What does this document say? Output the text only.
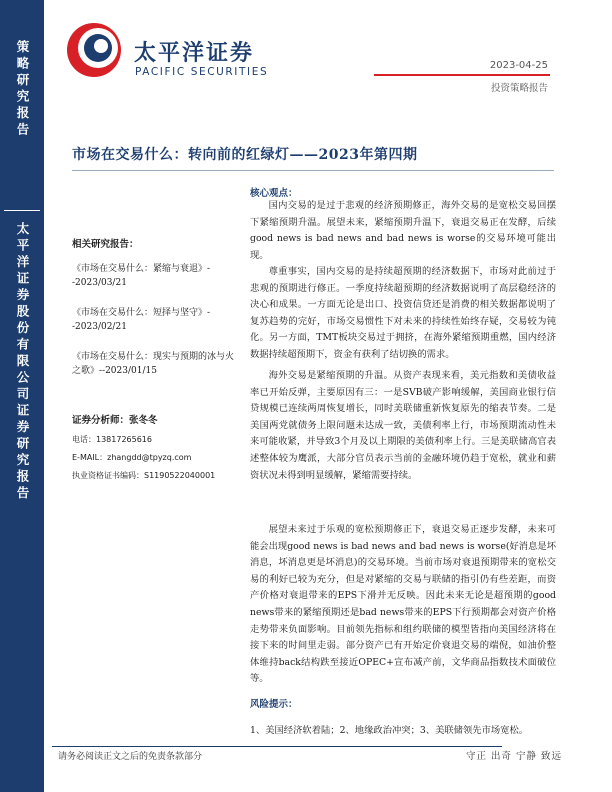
策略研究报告
太平洋证券股份有限公司证券研究报告
太平洋证券
PACIFIC SECURITIES
2023-04-25
投资策略报告
市场在交易什么：转向前的红绿灯——2023年第四期
相关研究报告：
《市场在交易什么：紧缩与衰退》--2023/03/21
《市场在交易什么：短择与坚守》--2023/02/21
《市场在交易什么：现实与预期的冰与火之歌》--2023/01/15
证券分析师：张冬冬
电话：13817265616
E-MAIL：zhangdd@tpyzq.com
执业资格证书编码：S1190522040001
核心观点：

国内交易的是过于悲观的经济预期修正，海外交易的是宽松交易回摆下紧缩预期升温。展望未来，紧缩预期升温下，衰退交易正在发酵，后续good news is bad news and bad news is worse的交易环境可能出现。

尊重事实，国内交易的是持续超预期的经济数据下，市场对此前过于悲观的预期进行修正。一季度持续超预期的经济数据说明了高层稳经济的决心和成果。一方面无论是出口、投资信贷还是消费的相关数据都说明了复苏趋势的完好，市场交易惯性下对未来的持续性始终存疑，交易较为钝化。另一方面，TMT板块交易过于拥挤，在海外紧缩预期重燃，国内经济数据持续超预期下，资金有获利了结切换的需求。

海外交易是紧缩预期的升温。从资产表现来看，美元指数和美债收益率已开始反弹，主要原因有三：一是SVB破产影响缓解，美国商业银行信贷规模已连续两周恢复增长，同时美联储重新恢复原先的缩表节奏。二是美国两党就债务上限问题未达成一致，美债利率上行，市场预期流动性未来可能收紧，并导致3个月及以上期限的美债利率上行。三是美联储高官表述整体较为鹰派，大部分官员表示当前的金融环境仍趋于宽松，就业和薪资状况未得到明显缓解，紧缩需要持续。

展望未来过于乐观的宽松预期修正下，衰退交易正逐步发酵，未来可能会出现good news is bad news and bad news is worse(好消息是坏消息，坏消息更是坏消息)的交易环境。当前市场对衰退预期带来的宽松交易的利好已较为充分，但是对紧缩的交易与联储的指引仍有些差距，而资产价格对衰退带来的EPS下滑并无反映。因此未来无论是超预期的good news带来的紧缩预期还是bad news带来的EPS下行预期都会对资产价格走势带来负面影响。目前领先指标和组约联储的模型皆指向美国经济将在接下来的时间里走弱。部分资产已有开始定价衰退交易的端倪，如油价整体维持back结构跌至接近OPEC+宣布减产前，文华商品指数技术面破位等。

风险提示：
1、美国经济软着陆；2、地缘政治冲突；3、美联储领先市场宽松。
请务必阅读正文之后的免责条款部分	守正 出奇 宁静 致远
